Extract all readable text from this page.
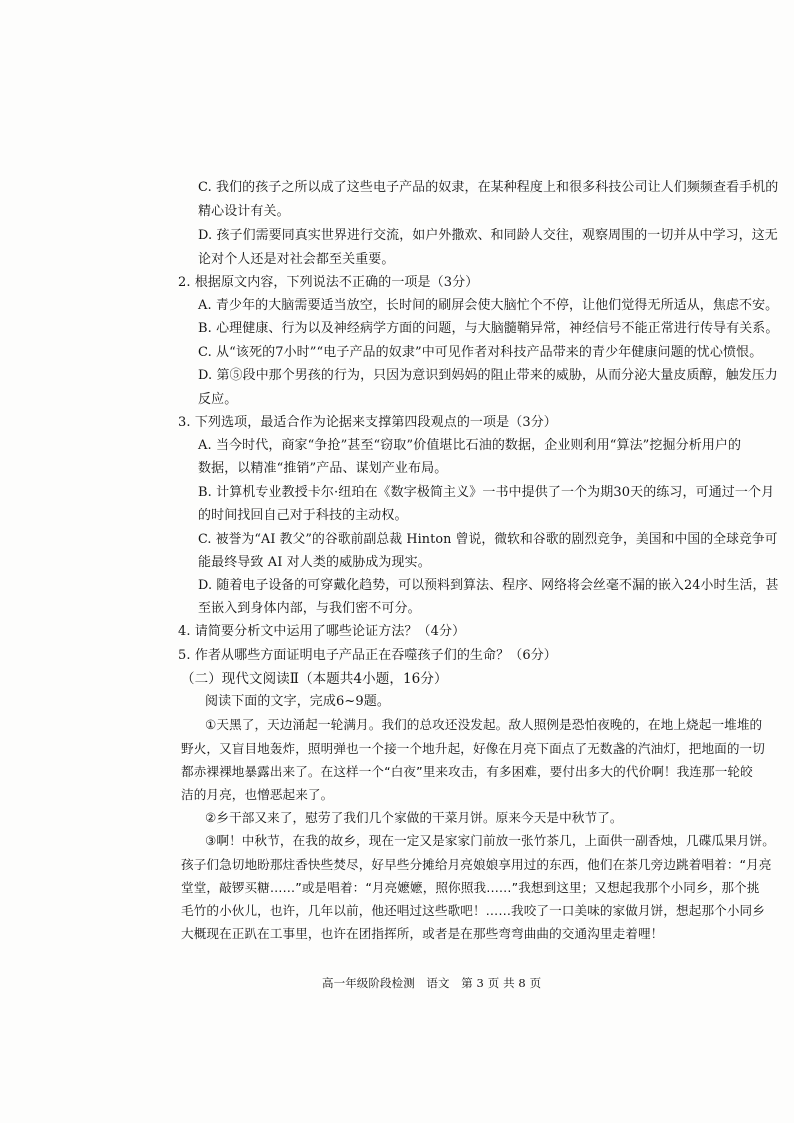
C. 我们的孩子之所以成了这些电子产品的奴隶，在某种程度上和很多科技公司让人们频频查看手机的
精心设计有关。
D. 孩子们需要同真实世界进行交流，如户外撒欢、和同龄人交往，观察周围的一切并从中学习，这无
论对个人还是对社会都至关重要。
2. 根据原文内容，下列说法不正确的一项是（3分）
A. 青少年的大脑需要适当放空，长时间的刷屏会使大脑忙个不停，让他们觉得无所适从，焦虑不安。
B. 心理健康、行为以及神经病学方面的问题，与大脑髓鞘异常，神经信号不能正常进行传导有关系。
C. 从“该死的7小时”“电子产品的奴隶”中可见作者对科技产品带来的青少年健康问题的忧心愤恨。
D. 第⑤段中那个男孩的行为，只因为意识到妈妈的阻止带来的威胁，从而分泌大量皮质醇，触发压力
反应。
3. 下列选项，最适合作为论据来支撑第四段观点的一项是（3分）
A. 当今时代，商家“争抢”甚至“窃取”价值堪比石油的数据，企业则利用“算法”挖掘分析用户的
数据，以精准“推销”产品、谋划产业布局。
B. 计算机专业教授卡尔·纽珀在《数字极简主义》一书中提供了一个为期30天的练习，可通过一个月
的时间找回自己对于科技的主动权。
C. 被誉为“AI 教父”的谷歌前副总裁 Hinton 曾说，微软和谷歌的剧烈竞争，美国和中国的全球竞争可
能最终导致 AI 对人类的威胁成为现实。
D. 随着电子设备的可穿戴化趋势，可以预料到算法、程序、网络将会丝毫不漏的嵌入24小时生活，甚
至嵌入到身体内部，与我们密不可分。
4. 请简要分析文中运用了哪些论证方法？（4分）
5. 作者从哪些方面证明电子产品正在吞噬孩子们的生命？（6分）
（二）现代文阅读Ⅱ（本题共4小题，16分）
阅读下面的文字，完成6~9题。
①天黑了，天边涌起一轮满月。我们的总攻还没发起。敌人照例是恐怕夜晚的，在地上烧起一堆堆的
野火，又盲目地轰炸，照明弹也一个接一个地升起，好像在月亮下面点了无数盏的汽油灯，把地面的一切
都赤裸裸地暴露出来了。在这样一个“白夜”里来攻击，有多困难，要付出多大的代价啊！我连那一轮皎
洁的月亮，也憎恶起来了。
②乡干部又来了，慰劳了我们几个家做的干菜月饼。原来今天是中秋节了。
③啊！中秋节，在我的故乡，现在一定又是家家门前放一张竹茶几，上面供一副香烛，几碟瓜果月饼。
孩子们急切地盼那炷香快些焚尽，好早些分摊给月亮娘娘享用过的东西，他们在茶几旁边跳着唱着：“月亮
堂堂，敲锣买糖……”或是唱着：“月亮嬷嬷，照你照我……”我想到这里；又想起我那个小同乡，那个挑
毛竹的小伙儿，也许，几年以前，他还唱过这些歌吧！……我咬了一口美味的家做月饼，想起那个小同乡
大概现在正趴在工事里，也许在团指挥所，或者是在那些弯弯曲曲的交通沟里走着哩！
高一年级阶段检测　语文　第 3 页 共 8 页
